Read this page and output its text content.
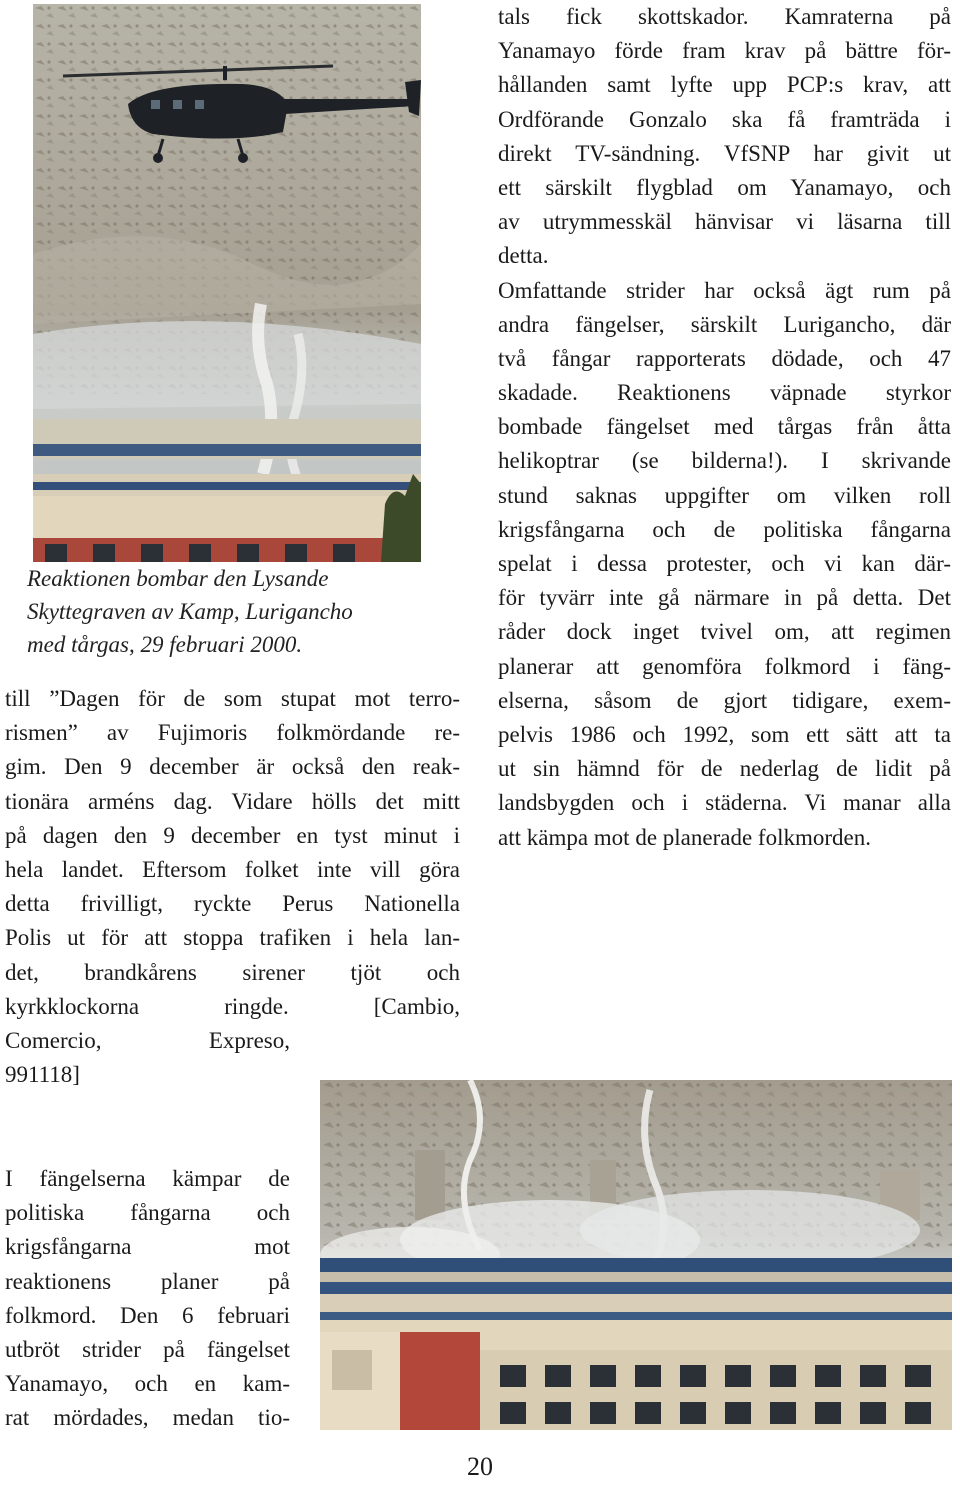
Reaktionen bombar den Lysande
Skyttegraven av Kamp, Lurigancho
med tårgas, 29 februari 2000.
till ”Dagen för de som stupat mot terro-
rismen” av Fujimoris folkmördande re-
gim. Den 9 december är också den reak-
tionära arméns dag. Vidare hölls det mitt
på dagen den 9 december en tyst minut i
hela landet. Eftersom folket inte vill göra
detta frivilligt, ryckte Perus Nationella
Polis ut för att stoppa trafiken i hela lan-
det, brandkårens sirener tjöt och
kyrkklockorna ringde. [Cambio,
Comercio, Expreso,
991118]
I fängelserna kämpar de
politiska fångarna och
krigsfångarna mot
reaktionens planer på
folkmord. Den 6 februari
utbröt strider på fängelset
Yanamayo, och en kam-
rat mördades, medan tio-
tals fick skottskador. Kamraterna på
Yanamayo förde fram krav på bättre för-
hållanden samt lyfte upp PCP:s krav, att
Ordförande Gonzalo ska få framträda i
direkt TV-sändning. VfSNP har givit ut
ett särskilt flygblad om Yanamayo, och
av utrymmesskäl hänvisar vi läsarna till
detta.
Omfattande strider har också ägt rum på
andra fängelser, särskilt Lurigancho, där
två fångar rapporterats dödade, och 47
skadade. Reaktionens väpnade styrkor
bombade fängelset med tårgas från åtta
helikoptrar (se bilderna!). I skrivande
stund saknas uppgifter om vilken roll
krigsfångarna och de politiska fångarna
spelat i dessa protester, och vi kan där-
för tyvärr inte gå närmare in på detta. Det
råder dock inget tvivel om, att regimen
planerar att genomföra folkmord i fäng-
elserna, såsom de gjort tidigare, exem-
pelvis 1986 och 1992, som ett sätt att ta
ut sin hämnd för de nederlag de lidit på
landsbygden och i städerna. Vi manar alla
att kämpa mot de planerade folkmorden.
20
